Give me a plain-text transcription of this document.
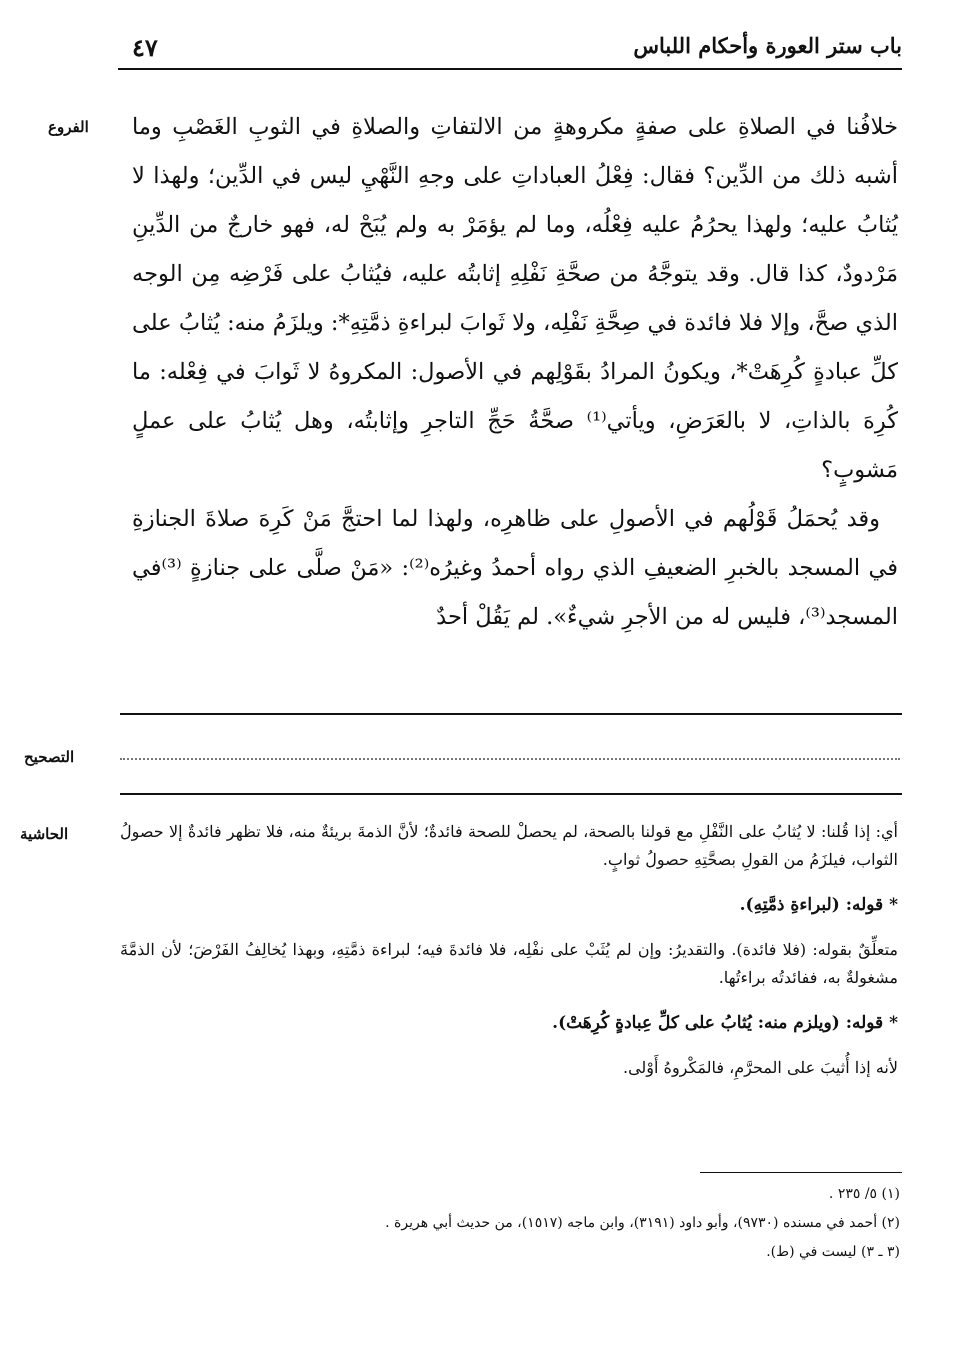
باب ستر العورة وأحكام اللباس
٤٧
الفروع خلافُنا في الصلاةِ على صفةٍ مكروهةٍ من الالتفاتِ والصلاةِ في الثوبِ الغَصْبِ وما أشبه ذلك من الدِّين؟ فقال: فِعْلُ العباداتِ على وجهِ النَّهْيِ ليس في الدِّين؛ ولهذا لا يُثابُ عليه؛ ولهذا يحرُمُ عليه فِعْلُه، وما لم يؤمَرْ به ولم يُبَحْ له، فهو خارجٌ من الدِّينِ مَرْدودٌ، كذا قال. وقد يتوجَّهُ من صحَّةِ نَفْلِهِ إثابتُه عليه، فيُثابُ على فَرْضِه مِن الوجه الذي صحَّ، وإلا فلا فائدة في صِحَّةِ نَفْلِه، ولا ثَوابَ لبراءةِ ذمَّتِهِ*: ويلزَمُ منه: يُثابُ على كلِّ عبادةٍ كُرِهَتْ*، ويكونُ المرادُ بقَوْلِهم في الأصول: المكروهُ لا ثَوابَ في فِعْله: ما كُرِهَ بالذاتِ، لا بالعَرَضِ، ويأتي⁽¹⁾ صحَّةُ حَجِّ التاجرِ وإثابتُه، وهل يُثابُ على عملٍ مَشوبٍ؟

وقد يُحمَلُ قَوْلُهم في الأصولِ على ظاهرِه، ولهذا لما احتجَّ مَنْ كَرِهَ صلاةَ الجنازةِ في المسجد بالخبرِ الضعيفِ الذي رواه أحمدُ وغيرُه⁽²⁾: «مَنْ صلَّى على جنازةٍ ⁽³⁾في المسجد⁽³⁾، فليس له من الأجرِ شيءٌ». لم يَقُلْ أحدٌ

التصحيح
الحاشية	أي: إذا قُلنا: لا يُثابُ على النَّفْلِ مع قولنا بالصحة، لم يحصلْ للصحة فائدةٌ؛ لأنَّ الذمةَ بريئةٌ منه، فلا تظهر فائدةٌ إلا حصولُ الثواب، فيلزَمُ من القولِ بصحَّتِهِ حصولُ ثوابٍ.

* قوله: (لبراءةِ ذمَّتِهِ).

متعلِّقٌ بقوله: (فلا فائدة). والتقديرُ: وإن لم يُثَبْ على نفْلِه، فلا فائدةَ فيه؛ لبراءة ذمَّتِهِ، وبهذا يُخالِفُ الفَرْضَ؛ لأن الذمَّةَ مشغولةٌ به، ففائدتُه براءتُها.

* قوله: (ويلزم منه: يُثابُ على كلِّ عِبادةٍ كُرِهَتْ).

لأنه إذا أُثيبَ على المحرَّمِ، فالمَكْروهُ أَوْلى.

(١) ٥/ ٢٣٥ .

(٢) أحمد في مسنده (٩٧٣٠)، وأبو داود (٣١٩١)، وابن ماجه (١٥١٧)، من حديث أبي هريرة .

(٣ ـ ٣) ليست في (ط).
